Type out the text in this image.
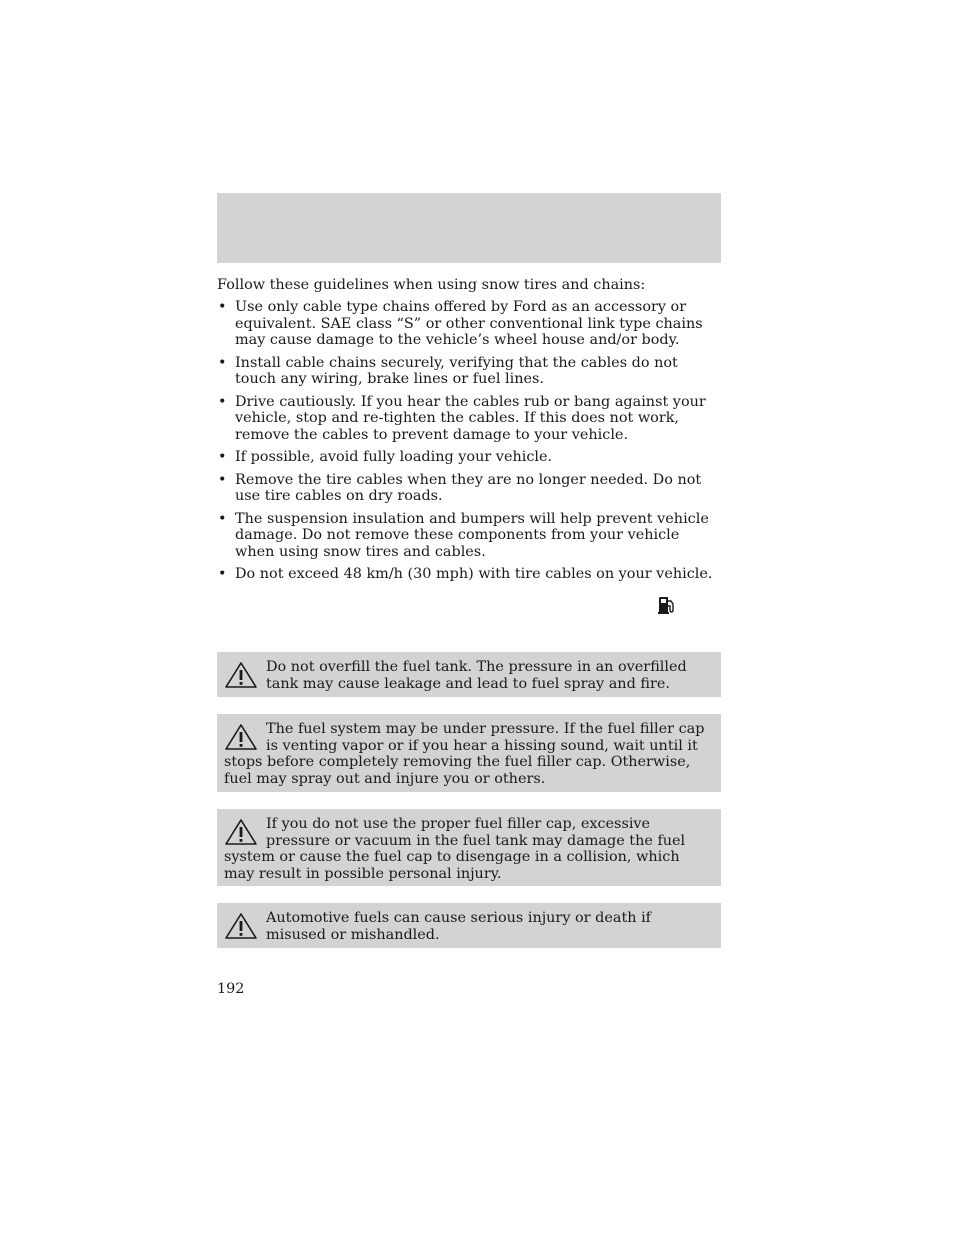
Follow these guidelines when using snow tires and chains:

• Use only cable type chains offered by Ford as an accessory or equivalent. SAE class “S” or other conventional link type chains may cause damage to the vehicle’s wheel house and/or body.
• Install cable chains securely, verifying that the cables do not touch any wiring, brake lines or fuel lines.
• Drive cautiously. If you hear the cables rub or bang against your vehicle, stop and re-tighten the cables. If this does not work, remove the cables to prevent damage to your vehicle.
• If possible, avoid fully loading your vehicle.
• Remove the tire cables when they are no longer needed. Do not use tire cables on dry roads.
• The suspension insulation and bumpers will help prevent vehicle damage. Do not remove these components from your vehicle when using snow tires and cables.
• Do not exceed 48 km/h (30 mph) with tire cables on your vehicle.

Do not overfill the fuel tank. The pressure in an overfilled tank may cause leakage and lead to fuel spray and fire.

The fuel system may be under pressure. If the fuel filler cap is venting vapor or if you hear a hissing sound, wait until it stops before completely removing the fuel filler cap. Otherwise, fuel may spray out and injure you or others.

If you do not use the proper fuel filler cap, excessive pressure or vacuum in the fuel tank may damage the fuel system or cause the fuel cap to disengage in a collision, which may result in possible personal injury.

Automotive fuels can cause serious injury or death if misused or mishandled.

192
